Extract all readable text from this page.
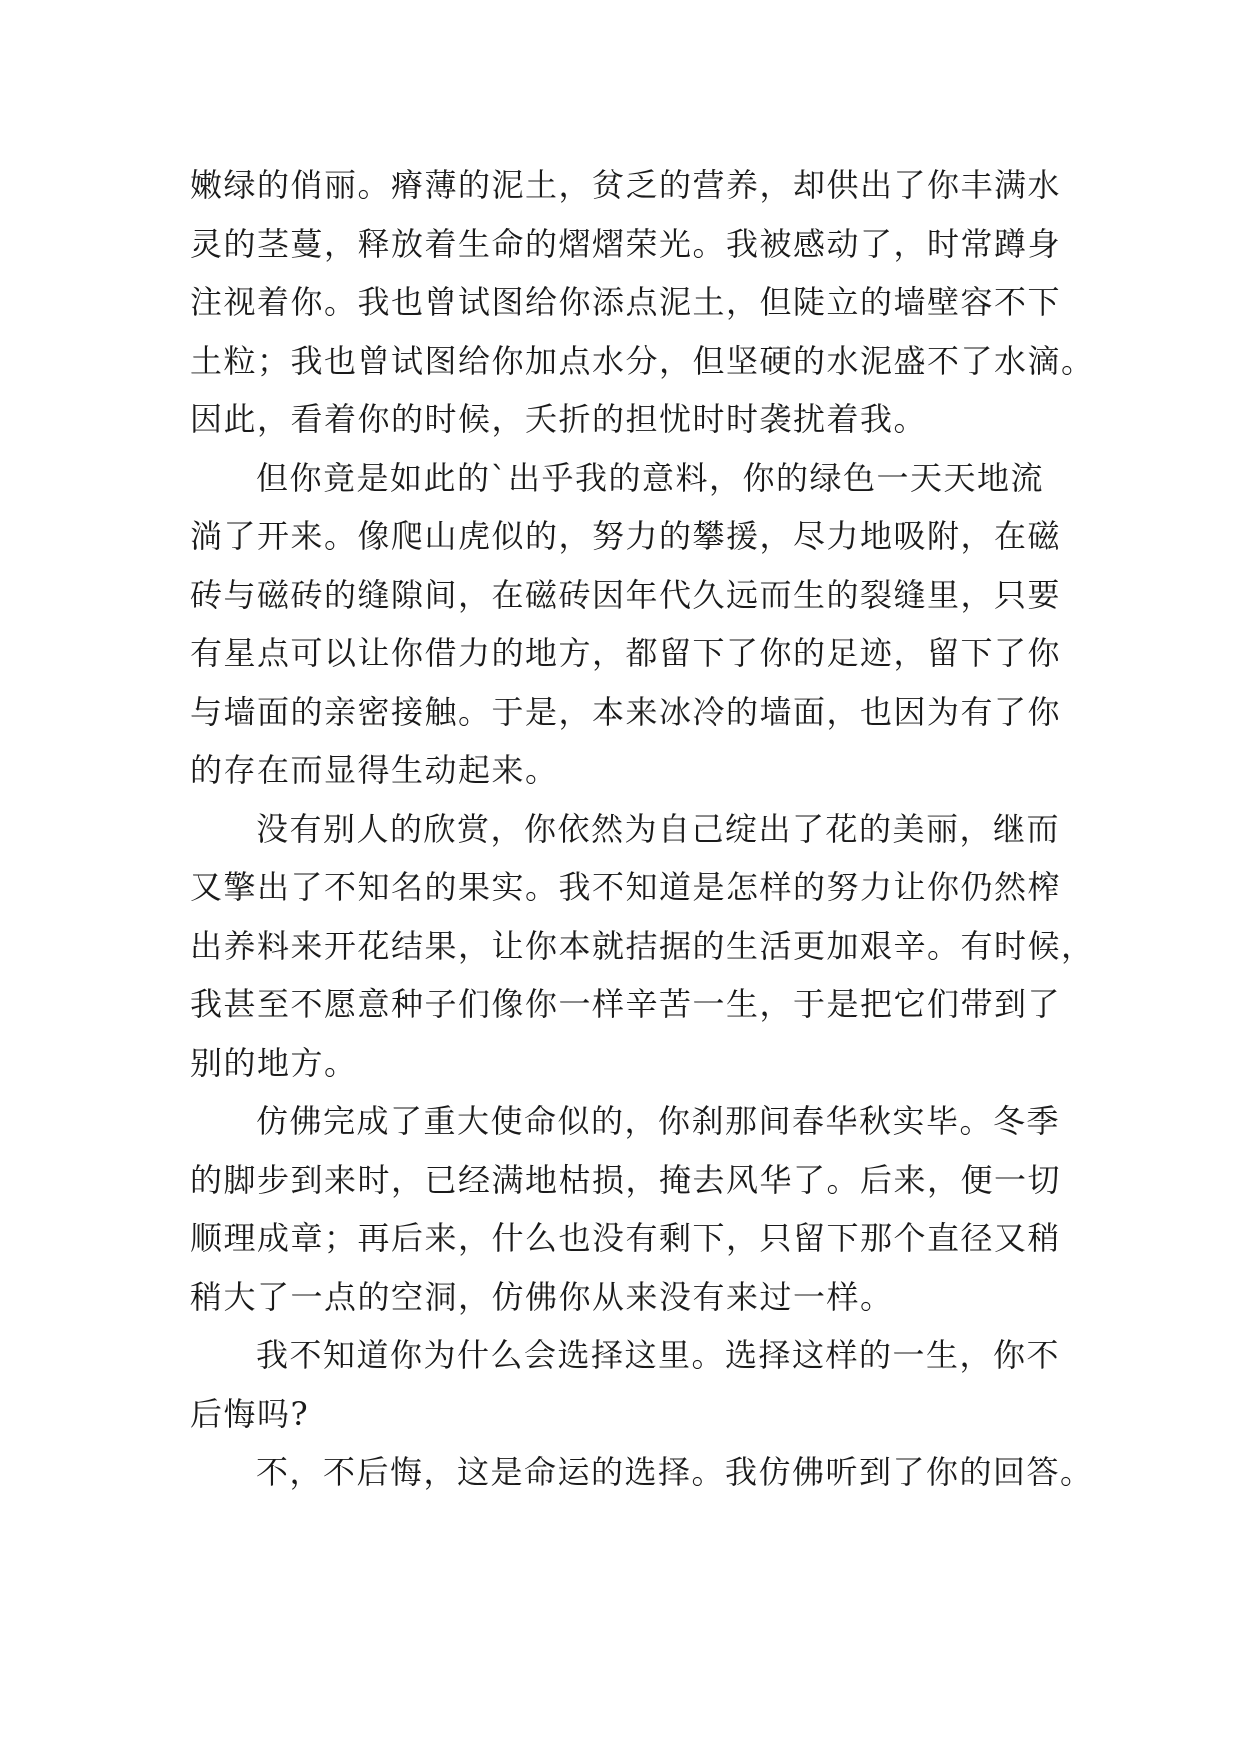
嫩绿的俏丽。瘠薄的泥土，贫乏的营养，却供出了你丰满水
灵的茎蔓，释放着生命的熠熠荣光。我被感动了，时常蹲身
注视着你。我也曾试图给你添点泥土，但陡立的墙壁容不下
土粒；我也曾试图给你加点水分，但坚硬的水泥盛不了水滴。
因此，看着你的时候，夭折的担忧时时袭扰着我。
但你竟是如此的`出乎我的意料，你的绿色一天天地流
淌了开来。像爬山虎似的，努力的攀援，尽力地吸附，在磁
砖与磁砖的缝隙间，在磁砖因年代久远而生的裂缝里，只要
有星点可以让你借力的地方，都留下了你的足迹，留下了你
与墙面的亲密接触。于是，本来冰冷的墙面，也因为有了你
的存在而显得生动起来。
没有别人的欣赏，你依然为自己绽出了花的美丽，继而
又擎出了不知名的果实。我不知道是怎样的努力让你仍然榨
出养料来开花结果，让你本就拮据的生活更加艰辛。有时候，
我甚至不愿意种子们像你一样辛苦一生，于是把它们带到了
别的地方。
仿佛完成了重大使命似的，你刹那间春华秋实毕。冬季
的脚步到来时，已经满地枯损，掩去风华了。后来，便一切
顺理成章；再后来，什么也没有剩下，只留下那个直径又稍
稍大了一点的空洞，仿佛你从来没有来过一样。
我不知道你为什么会选择这里。选择这样的一生，你不
后悔吗?
不，不后悔，这是命运的选择。我仿佛听到了你的回答。
